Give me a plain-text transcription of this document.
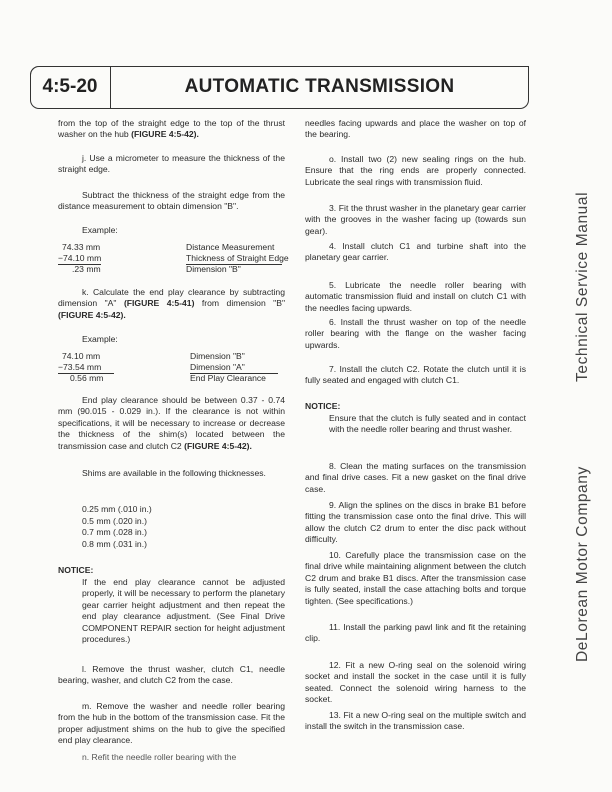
4:5-20	AUTOMATIC TRANSMISSION
from the top of the straight edge to the top of the thrust washer on the hub (FIGURE 4:5-42).
j. Use a micrometer to measure the thickness of the straight edge.
Subtract the thickness of the straight edge from the distance measurement to obtain dimension "B".
Example:
74.33 mm	Distance Measurement
−74.10 mm	Thickness of Straight Edge
.23 mm	Dimension "B"
k. Calculate the end play clearance by subtracting dimension "A" (FIGURE 4:5-41) from dimension "B" (FIGURE 4:5-42).
Example:
74.10 mm	Dimension "B"
−73.54 mm	Dimension "A"
0.56 mm	End Play Clearance
End play clearance should be between 0.37 - 0.74 mm (90.015 - 0.029 in.). If the clearance is not within specifications, it will be necessary to increase or decrease the thickness of the shim(s) located between the transmission case and clutch C2 (FIGURE 4:5-42).
Shims are available in the following thicknesses.
0.25 mm (.010 in.)
0.5 mm (.020 in.)
0.7 mm (.028 in.)
0.8 mm (.031 in.)
NOTICE:
If the end play clearance cannot be adjusted properly, it will be necessary to perform the planetary gear carrier height adjustment and then repeat the end play clearance adjustment. (See Final Drive COMPONENT REPAIR section for height adjustment procedures.)
l. Remove the thrust washer, clutch C1, needle bearing, washer, and clutch C2 from the case.
m. Remove the washer and needle roller bearing from the hub in the bottom of the transmission case. Fit the proper adjustment shims on the hub to give the specified end play clearance.
n. Refit the needle roller bearing with the
needles facing upwards and place the washer on top of the bearing.
o. Install two (2) new sealing rings on the hub. Ensure that the ring ends are properly connected. Lubricate the seal rings with transmission fluid.
3. Fit the thrust washer in the planetary gear carrier with the grooves in the washer facing up (towards sun gear).
4. Install clutch C1 and turbine shaft into the planetary gear carrier.
5. Lubricate the needle roller bearing with automatic transmission fluid and install on clutch C1 with the needles facing upwards.
6. Install the thrust washer on top of the needle roller bearing with the flange on the washer facing upwards.
7. Install the clutch C2. Rotate the clutch until it is fully seated and engaged with clutch C1.
NOTICE:
Ensure that the clutch is fully seated and in contact with the needle roller bearing and thrust washer.
8. Clean the mating surfaces on the transmission and final drive cases. Fit a new gasket on the final drive case.
9. Align the splines on the discs in brake B1 before fitting the transmission case onto the final drive. This will allow the clutch C2 drum to enter the disc pack without difficulty.
10. Carefully place the transmission case on the final drive while maintaining alignment between the clutch C2 drum and brake B1 discs. After the transmission case is fully seated, install the case attaching bolts and torque tighten. (See specifications.)
11. Install the parking pawl link and fit the retaining clip.
12. Fit a new O-ring seal on the solenoid wiring socket and install the socket in the case until it is fully seated. Connect the solenoid wiring harness to the socket.
13. Fit a new O-ring seal on the multiple switch and install the switch in the transmission case.
Technical Service Manual
DeLorean Motor Company
